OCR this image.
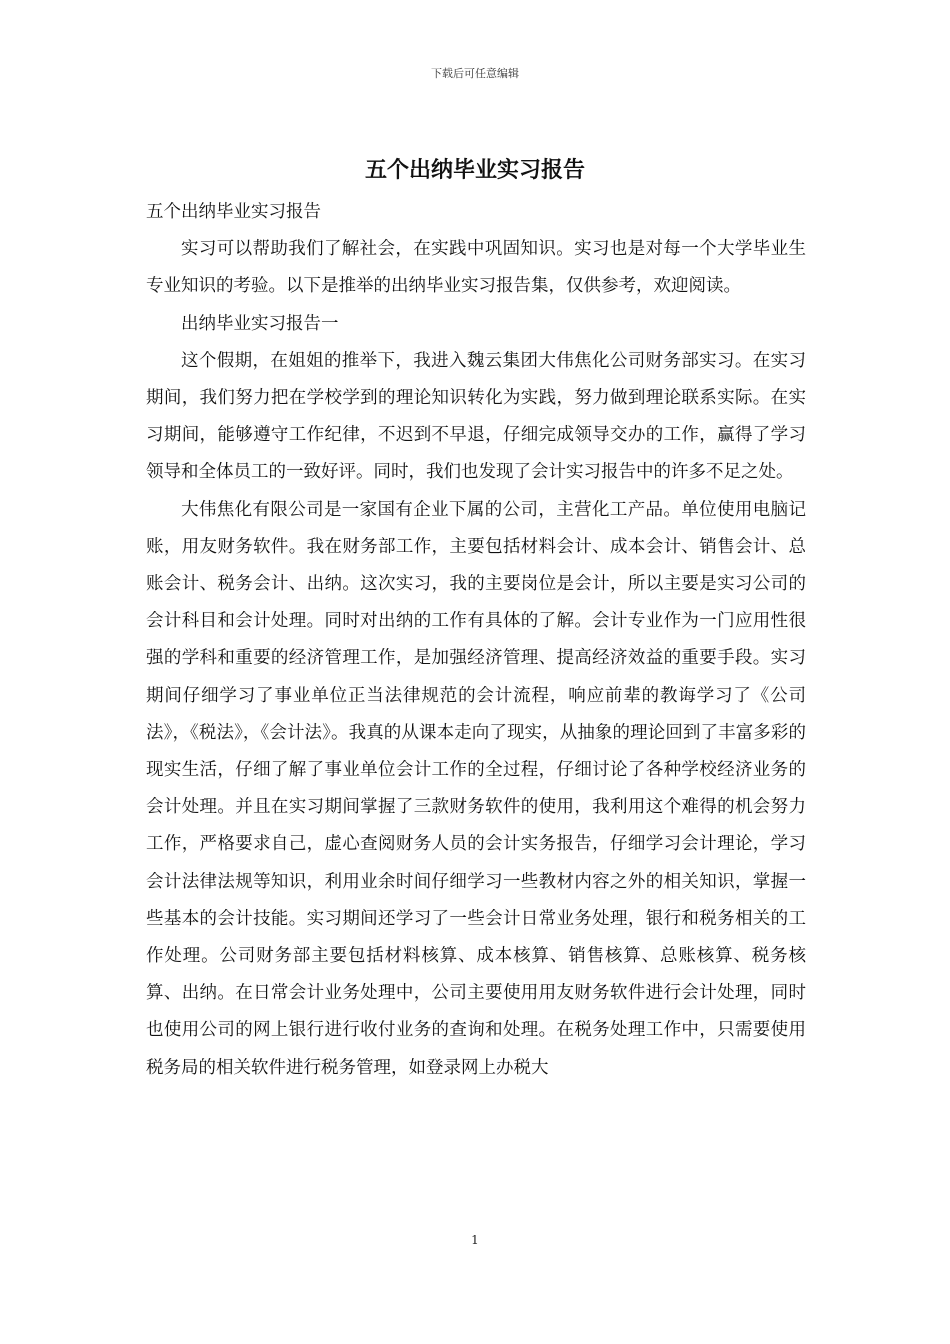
下载后可任意编辑
五个出纳毕业实习报告

五个出纳毕业实习报告

实习可以帮助我们了解社会，在实践中巩固知识。实习也是对每一个大学毕业生专业知识的考验。以下是推举的出纳毕业实习报告集，仅供参考，欢迎阅读。

出纳毕业实习报告一

这个假期，在姐姐的推举下，我进入魏云集团大伟焦化公司财务部实习。在实习期间，我们努力把在学校学到的理论知识转化为实践，努力做到理论联系实际。在实习期间，能够遵守工作纪律，不迟到不早退，仔细完成领导交办的工作，赢得了学习领导和全体员工的一致好评。同时，我们也发现了会计实习报告中的许多不足之处。

大伟焦化有限公司是一家国有企业下属的公司，主营化工产品。单位使用电脑记账，用友财务软件。我在财务部工作，主要包括材料会计、成本会计、销售会计、总账会计、税务会计、出纳。这次实习，我的主要岗位是会计，所以主要是实习公司的会计科目和会计处理。同时对出纳的工作有具体的了解。会计专业作为一门应用性很强的学科和重要的经济管理工作，是加强经济管理、提高经济效益的重要手段。实习期间仔细学习了事业单位正当法律规范的会计流程，响应前辈的教诲学习了《公司法》，《税法》，《会计法》。我真的从课本走向了现实，从抽象的理论回到了丰富多彩的现实生活，仔细了解了事业单位会计工作的全过程，仔细讨论了各种学校经济业务的会计处理。并且在实习期间掌握了三款财务软件的使用，我利用这个难得的机会努力工作，严格要求自己，虚心查阅财务人员的会计实务报告，仔细学习会计理论，学习会计法律法规等知识，利用业余时间仔细学习一些教材内容之外的相关知识，掌握一些基本的会计技能。实习期间还学习了一些会计日常业务处理，银行和税务相关的工作处理。公司财务部主要包括材料核算、成本核算、销售核算、总账核算、税务核算、出纳。在日常会计业务处理中，公司主要使用用友财务软件进行会计处理，同时也使用公司的网上银行进行收付业务的查询和处理。在税务处理工作中，只需要使用税务局的相关软件进行税务管理，如登录网上办税大

1
